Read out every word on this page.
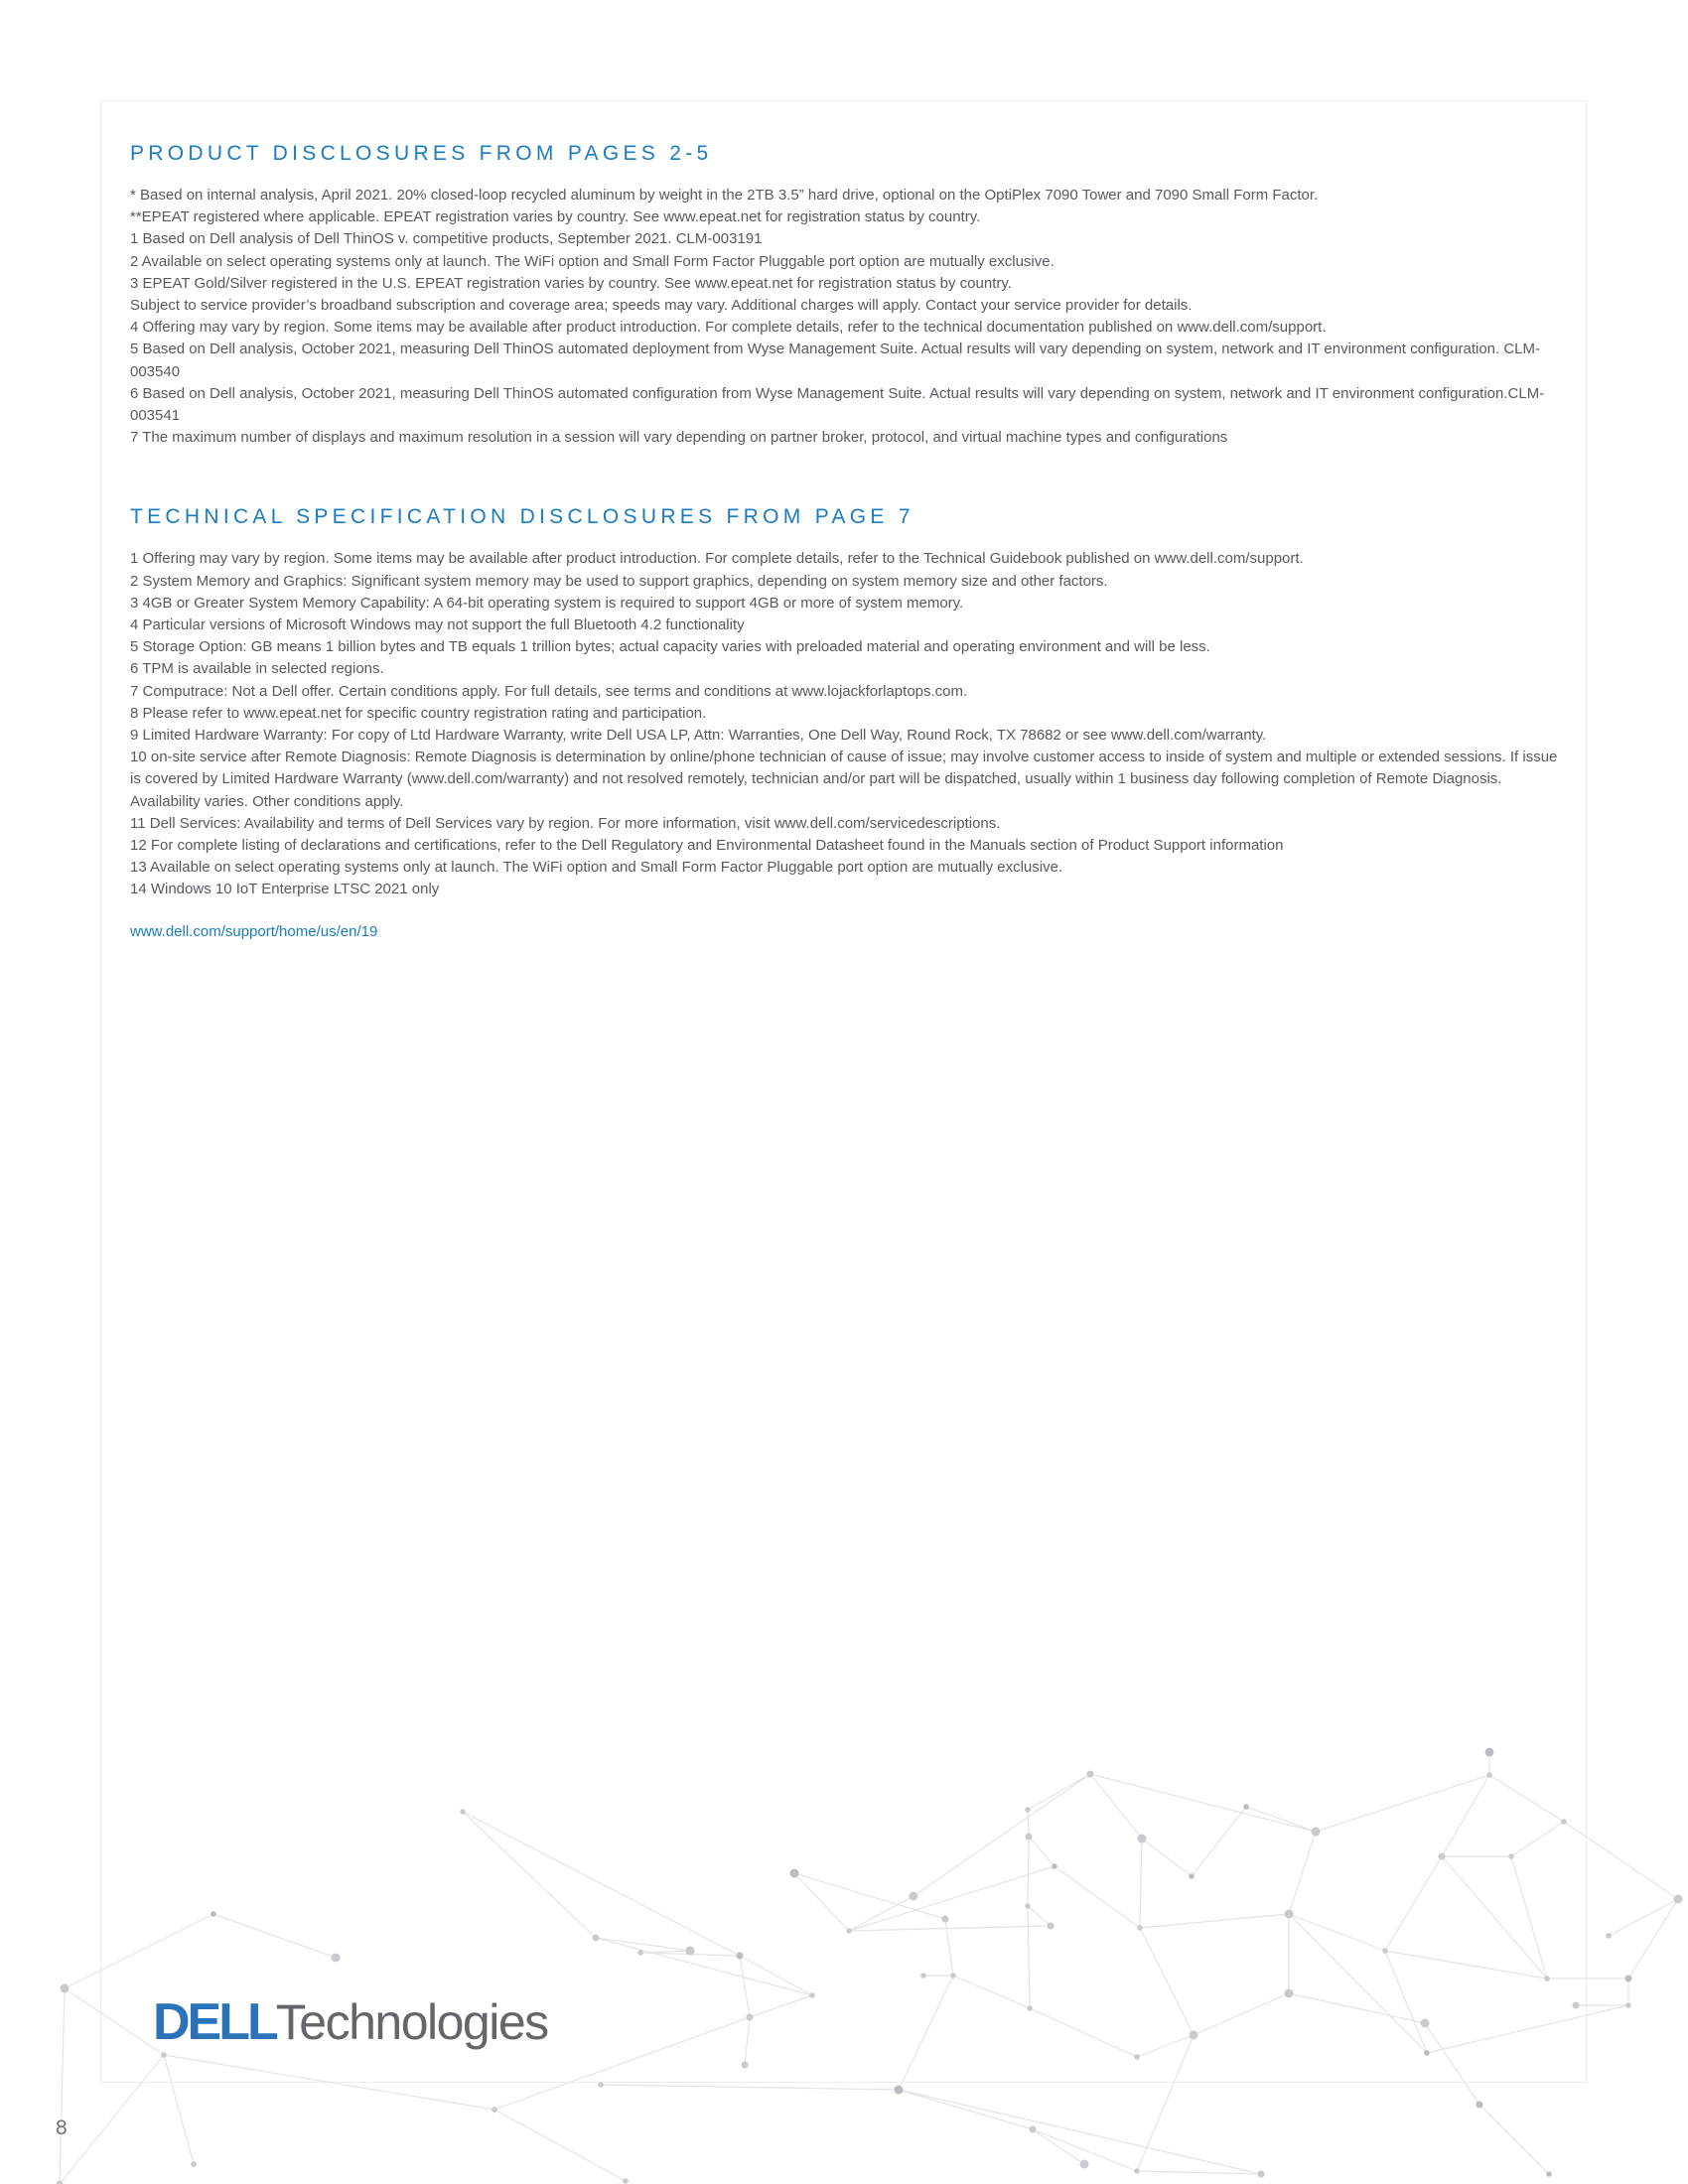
PRODUCT DISCLOSURES FROM PAGES 2-5

* Based on internal analysis, April 2021. 20% closed-loop recycled aluminum by weight in the 2TB 3.5” hard drive, optional on the OptiPlex 7090 Tower and 7090 Small Form Factor.

**EPEAT registered where applicable. EPEAT registration varies by country. See www.epeat.net for registration status by country.

1 Based on Dell analysis of Dell ThinOS v. competitive products, September 2021. CLM-003191

2 Available on select operating systems only at launch. The WiFi option and Small Form Factor Pluggable port option are mutually exclusive.

3 EPEAT Gold/Silver registered in the U.S. EPEAT registration varies by country. See www.epeat.net for registration status by country.

Subject to service provider’s broadband subscription and coverage area; speeds may vary. Additional charges will apply. Contact your service provider for details.

4 Offering may vary by region. Some items may be available after product introduction. For complete details, refer to the technical documentation published on www.dell.com/support.

5 Based on Dell analysis, October 2021, measuring Dell ThinOS automated deployment from Wyse Management Suite. Actual results will vary depending on system, network and IT environment configuration. CLM-003540

6 Based on Dell analysis, October 2021, measuring Dell ThinOS automated configuration from Wyse Management Suite. Actual results will vary depending on system, network and IT environment configuration.CLM-003541

7 The maximum number of displays and maximum resolution in a session will vary depending on partner broker, protocol, and virtual machine types and configurations

TECHNICAL SPECIFICATION DISCLOSURES FROM PAGE 7

1 Offering may vary by region. Some items may be available after product introduction. For complete details, refer to the Technical Guidebook published on www.dell.com/support.

2 System Memory and Graphics: Significant system memory may be used to support graphics, depending on system memory size and other factors.

3 4GB or Greater System Memory Capability: A 64-bit operating system is required to support 4GB or more of system memory.

4 Particular versions of Microsoft Windows may not support the full Bluetooth 4.2 functionality

5 Storage Option: GB means 1 billion bytes and TB equals 1 trillion bytes; actual capacity varies with preloaded material and operating environment and will be less.

6 TPM is available in selected regions.

7 Computrace: Not a Dell offer. Certain conditions apply. For full details, see terms and conditions at www.lojackforlaptops.com.

8 Please refer to www.epeat.net for specific country registration rating and participation.

9 Limited Hardware Warranty: For copy of Ltd Hardware Warranty, write Dell USA LP, Attn: Warranties, One Dell Way, Round Rock, TX 78682 or see www.dell.com/warranty.

10 on-site service after Remote Diagnosis: Remote Diagnosis is determination by online/phone technician of cause of issue; may involve customer access to inside of system and multiple or extended sessions. If issue is covered by Limited Hardware Warranty (www.dell.com/warranty) and not resolved remotely, technician and/or part will be dispatched, usually within 1 business day following completion of Remote Diagnosis. Availability varies. Other conditions apply.

11 Dell Services: Availability and terms of Dell Services vary by region. For more information, visit www.dell.com/servicedescriptions.

12 For complete listing of declarations and certifications, refer to the Dell Regulatory and Environmental Datasheet found in the Manuals section of Product Support information

13 Available on select operating systems only at launch. The WiFi option and Small Form Factor Pluggable port option are mutually exclusive.

14 Windows 10 IoT Enterprise LTSC 2021 only

www.dell.com/support/home/us/en/19
DELL Technologies
8
